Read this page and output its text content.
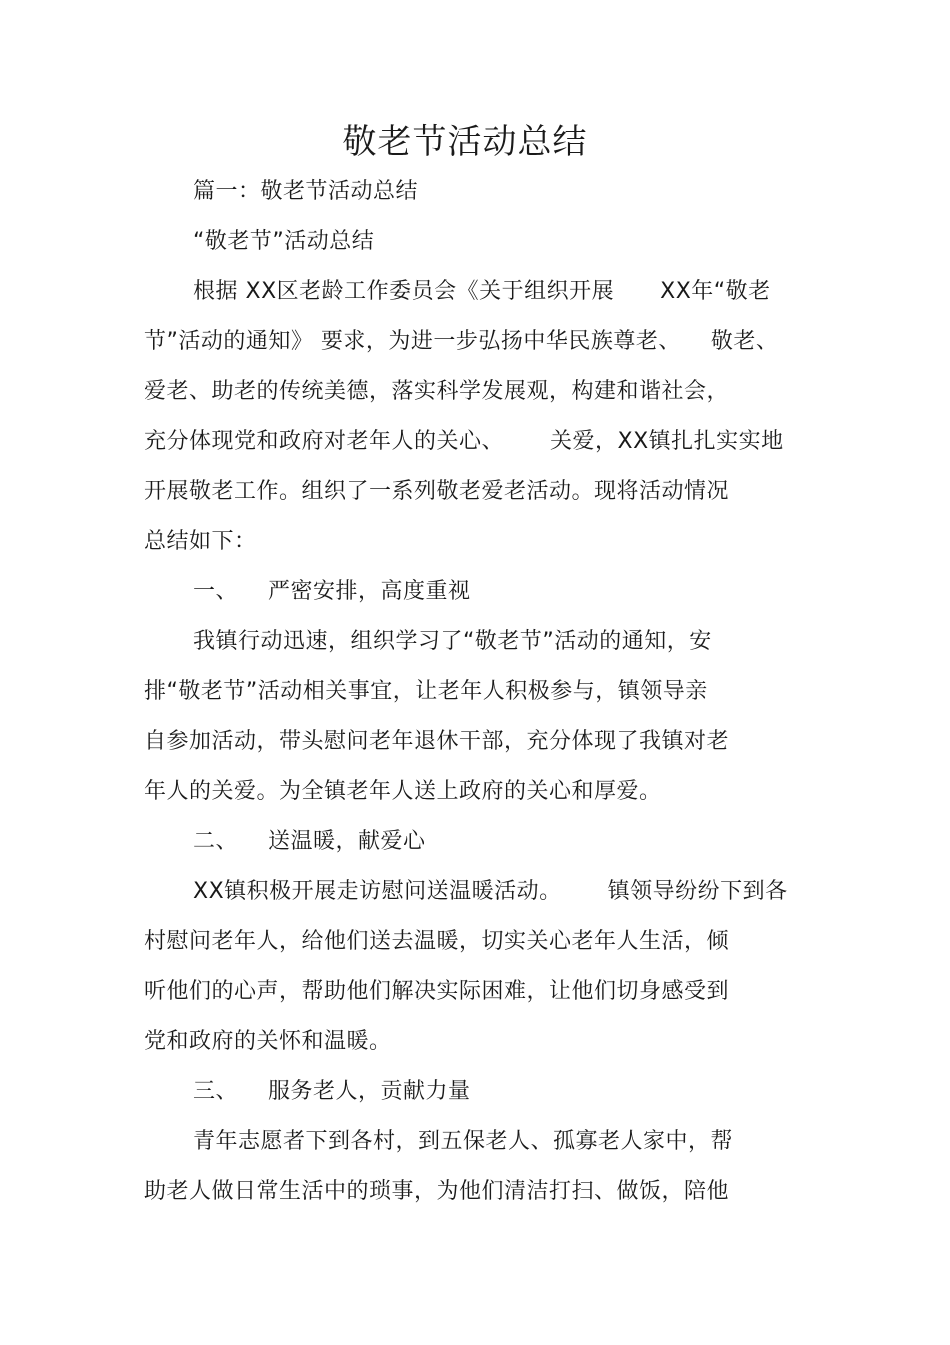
敬老节活动总结
篇一：敬老节活动总结
“敬老节”活动总结
根据 XX区老龄工作委员会《关于组织开展 XX年“敬老
节”活动的通知》 要求，为进一步弘扬中华民族尊老、 敬老、
爱老、助老的传统美德，落实科学发展观，构建和谐社会，
充分体现党和政府对老年人的关心、 关爱，XX镇扎扎实实地
开展敬老工作。组织了一系列敬老爱老活动。现将活动情况
总结如下：
一、 严密安排，高度重视
我镇行动迅速，组织学习了“敬老节”活动的通知，安
排“敬老节”活动相关事宜，让老年人积极参与，镇领导亲
自参加活动，带头慰问老年退休干部，充分体现了我镇对老
年人的关爱。为全镇老年人送上政府的关心和厚爱。
二、 送温暖，献爱心
XX镇积极开展走访慰问送温暖活动。 镇领导纷纷下到各
村慰问老年人，给他们送去温暖，切实关心老年人生活，倾
听他们的心声，帮助他们解决实际困难，让他们切身感受到
党和政府的关怀和温暖。
三、 服务老人，贡献力量
青年志愿者下到各村，到五保老人、孤寡老人家中，帮
助老人做日常生活中的琐事，为他们清洁打扫、做饭，陪他
